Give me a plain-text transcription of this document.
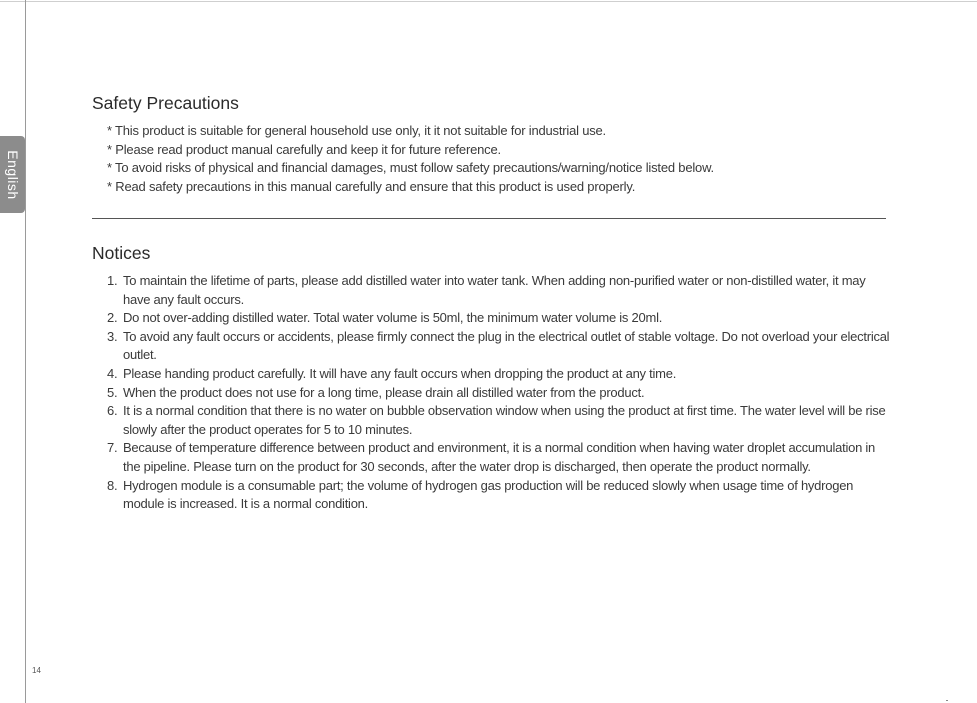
English
Safety Precautions
* This product is suitable for general household use only, it it not suitable for industrial use.
* Please read product manual carefully and keep it for future reference.
* To avoid risks of physical and financial damages, must follow safety precautions/warning/notice listed below.
* Read safety precautions in this manual carefully and ensure that this product is used properly.
Notices
1. To maintain the lifetime of parts, please add distilled water into water tank. When adding non-purified water or non-distilled water, it may have any fault occurs.
2. Do not over-adding distilled water. Total water volume is 50ml, the minimum water volume is 20ml.
3. To avoid any fault occurs or accidents, please firmly connect the plug in the electrical outlet of stable voltage. Do not overload your electrical outlet.
4. Please handing product carefully. It will have any fault occurs when dropping the product at any time.
5. When the product does not use for a long time, please drain all distilled water from the product.
6. It is a normal condition that there is no water on bubble observation window when using the product at first time. The water level will be rise slowly after the product operates for 5 to 10 minutes.
7. Because of temperature difference between product and environment, it is a normal condition when having water droplet accumulation in the pipeline. Please turn on the product for 30 seconds, after the water drop is discharged, then operate the product normally.
8. Hydrogen module is a consumable part; the volume of hydrogen gas production will be reduced slowly when usage time of hydrogen module is increased. It is a normal condition.
14
